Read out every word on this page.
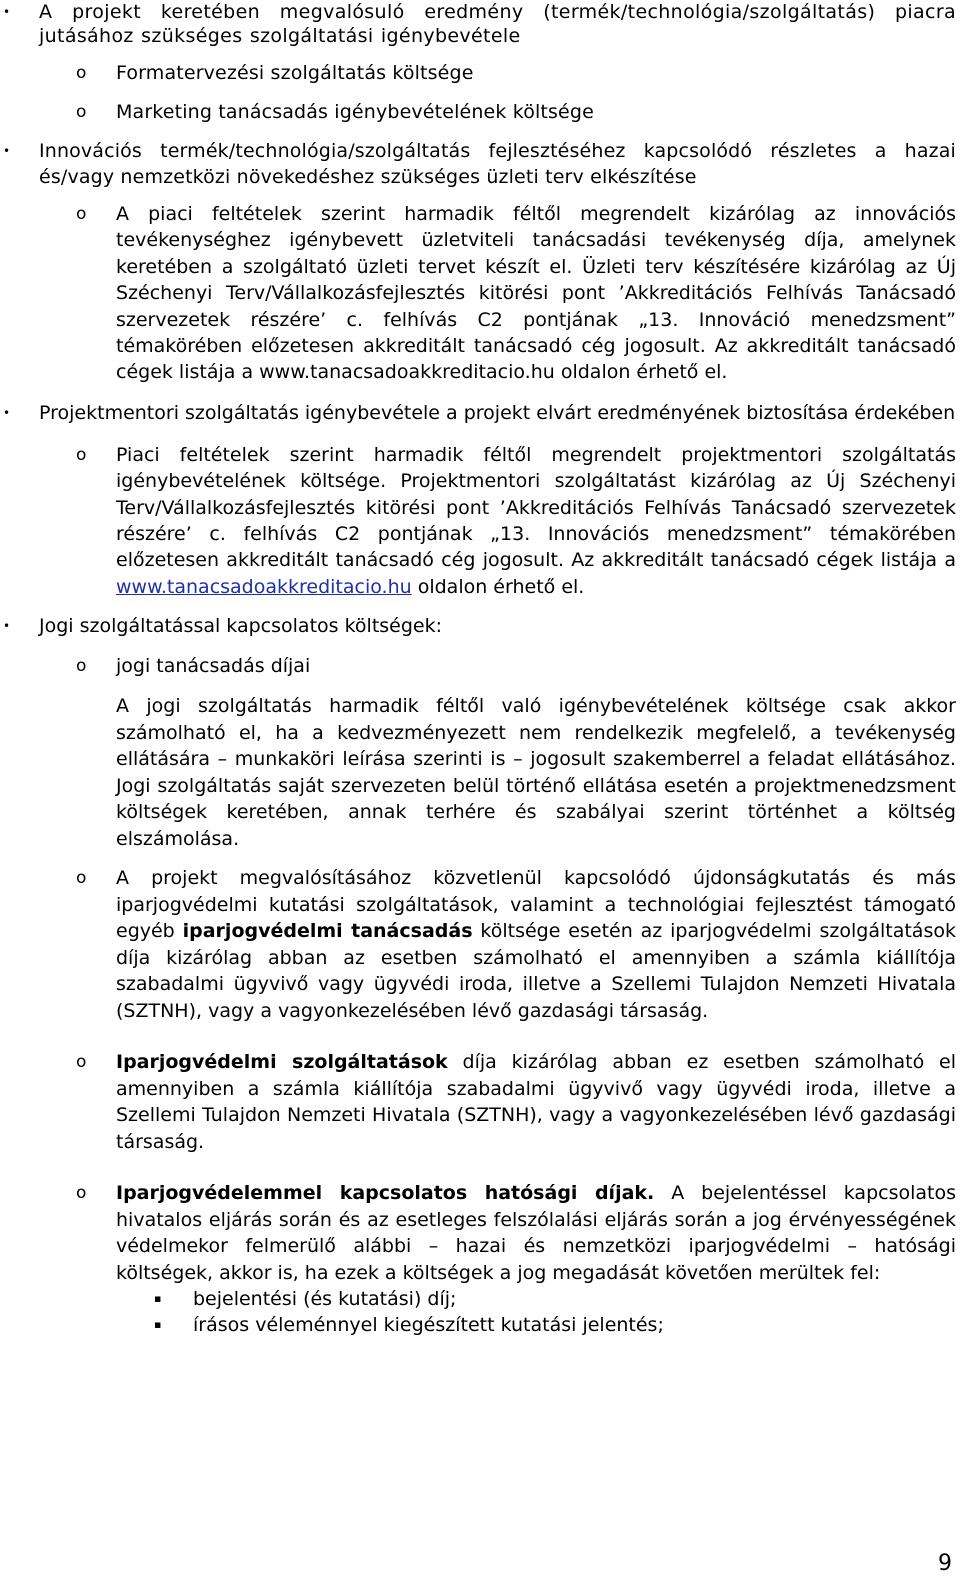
• A projekt keretében megvalósuló eredmény (termék/technológia/szolgáltatás) piacra jutásához szükséges szolgáltatási igénybevétele
o Formatervezési szolgáltatás költsége
o Marketing tanácsadás igénybevételének költsége
• Innovációs termék/technológia/szolgáltatás fejlesztéséhez kapcsolódó részletes a hazai és/vagy nemzetközi növekedéshez szükséges üzleti terv elkészítése
o A piaci feltételek szerint harmadik féltől megrendelt kizárólag az innovációs tevékenységhez igénybevett üzletviteli tanácsadási tevékenység díja, amelynek keretében a szolgáltató üzleti tervet készít el. Üzleti terv készítésére kizárólag az Új Széchenyi Terv/Vállalkozásfejlesztés kitörési pont ’Akkreditációs Felhívás Tanácsadó szervezetek részére’ c. felhívás C2 pontjának „13. Innováció menedzsment” témakörében előzetesen akkreditált tanácsadó cég jogosult. Az akkreditált tanácsadó cégek listája a www.tanacsadoakkreditacio.hu oldalon érhető el.
• Projektmentori szolgáltatás igénybevétele a projekt elvárt eredményének biztosítása érdekében
o Piaci feltételek szerint harmadik féltől megrendelt projektmentori szolgáltatás igénybevételének költsége. Projektmentori szolgáltatást kizárólag az Új Széchenyi Terv/Vállalkozásfejlesztés kitörési pont ’Akkreditációs Felhívás Tanácsadó szervezetek részére’ c. felhívás C2 pontjának „13. Innovációs menedzsment” témakörében előzetesen akkreditált tanácsadó cég jogosult. Az akkreditált tanácsadó cégek listája a www.tanacsadoakkreditacio.hu oldalon érhető el.
• Jogi szolgáltatással kapcsolatos költségek:
o jogi tanácsadás díjai
A jogi szolgáltatás harmadik féltől való igénybevételének költsége csak akkor számolható el, ha a kedvezményezett nem rendelkezik megfelelő, a tevékenység ellátására – munkaköri leírása szerinti is – jogosult szakemberrel a feladat ellátásához. Jogi szolgáltatás saját szervezeten belül történő ellátása esetén a projektmenedzsment költségek keretében, annak terhére és szabályai szerint történhet a költség elszámolása.
o A projekt megvalósításához közvetlenül kapcsolódó újdonságkutatás és más iparjogvédelmi kutatási szolgáltatások, valamint a technológiai fejlesztést támogató egyéb iparjogvédelmi tanácsadás költsége esetén az iparjogvédelmi szolgáltatások díja kizárólag abban az esetben számolható el amennyiben a számla kiállítója szabadalmi ügyvivő vagy ügyvédi iroda, illetve a Szellemi Tulajdon Nemzeti Hivatala (SZTNH), vagy a vagyonkezelésében lévő gazdasági társaság.
o Iparjogvédelmi szolgáltatások díja kizárólag abban ez esetben számolható el amennyiben a számla kiállítója szabadalmi ügyvivő vagy ügyvédi iroda, illetve a Szellemi Tulajdon Nemzeti Hivatala (SZTNH), vagy a vagyonkezelésében lévő gazdasági társaság.
o Iparjogvédelemmel kapcsolatos hatósági díjak. A bejelentéssel kapcsolatos hivatalos eljárás során és az esetleges felszólalási eljárás során a jog érvényességének védelmekor felmerülő alábbi – hazai és nemzetközi iparjogvédelmi – hatósági költségek, akkor is, ha ezek a költségek a jog megadását követően merültek fel:
▪ bejelentési (és kutatási) díj;
▪ írásos véleménnyel kiegészített kutatási jelentés;
9
